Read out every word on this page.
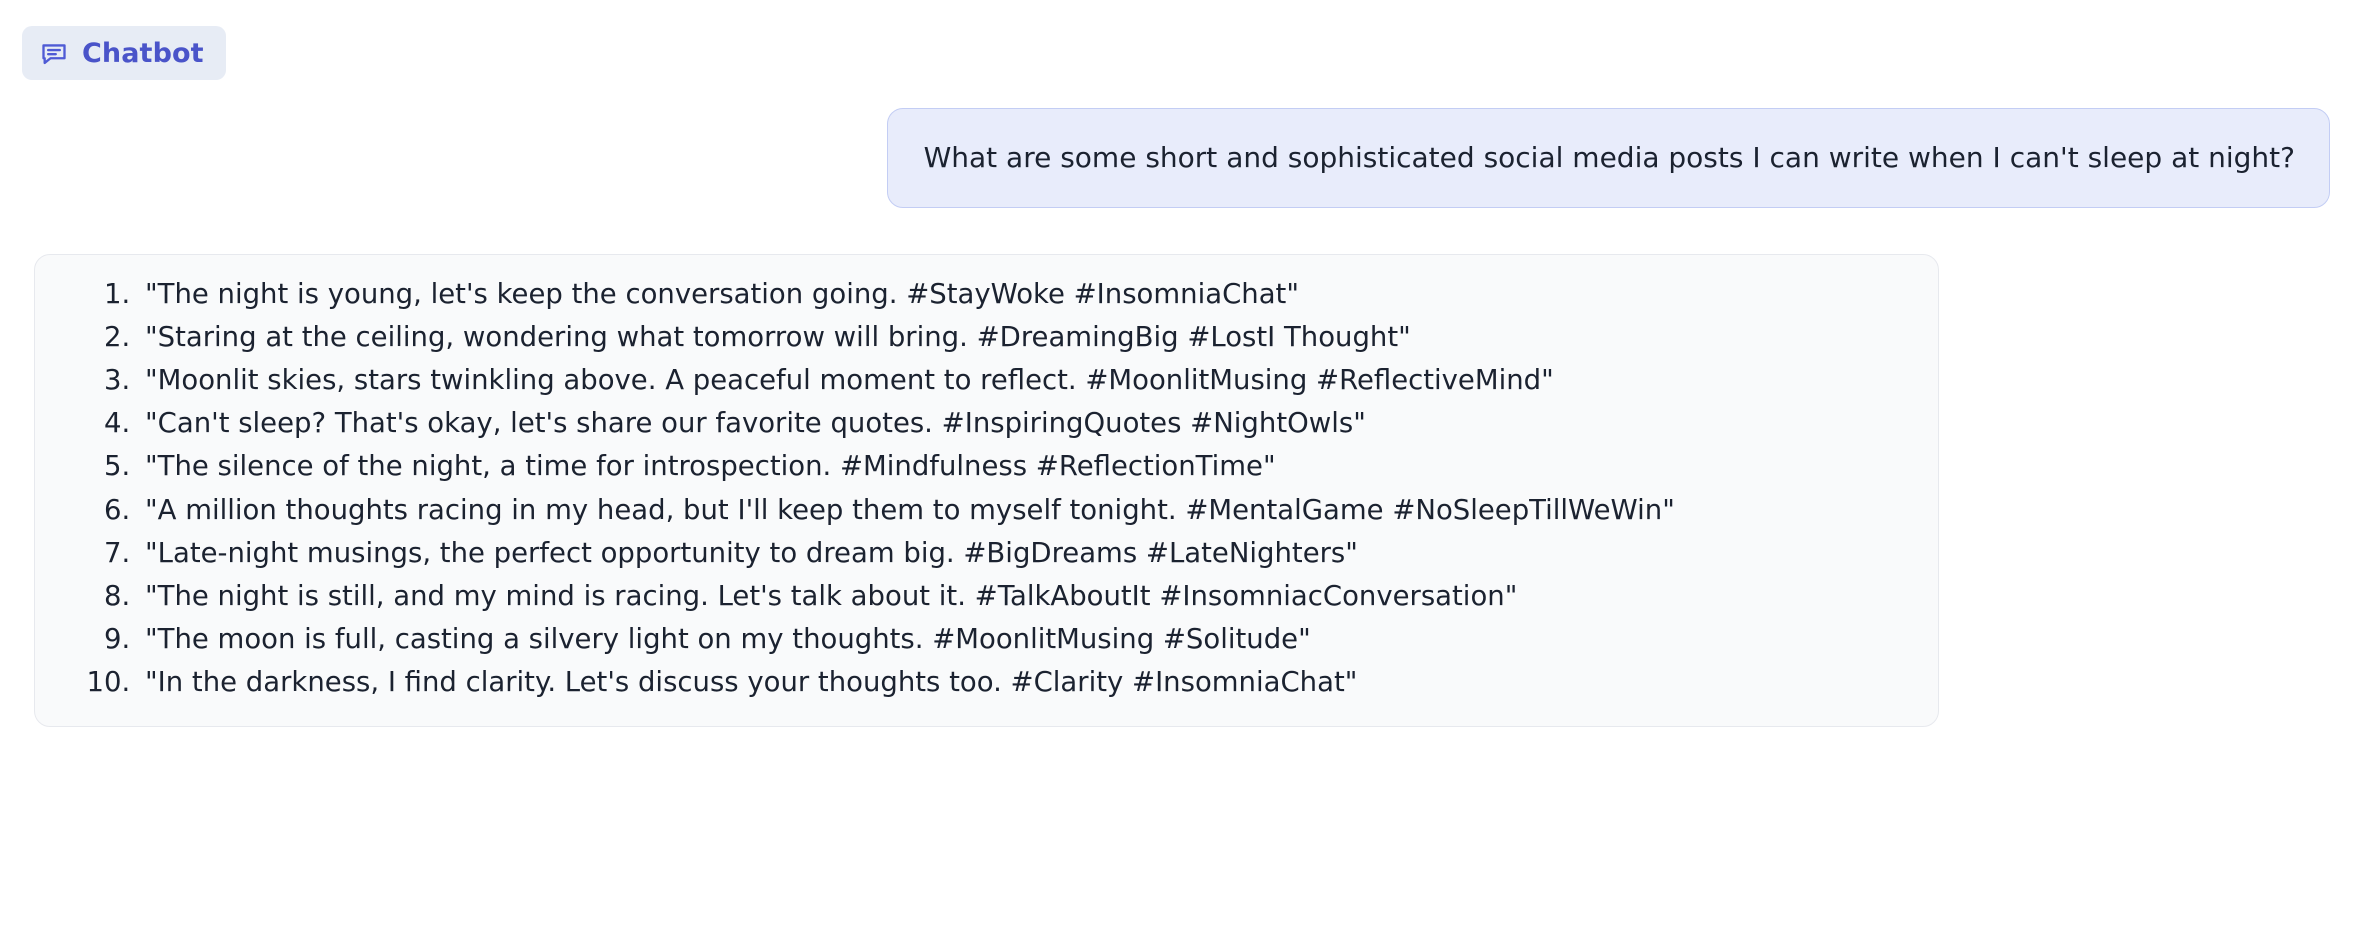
Chatbot
What are some short and sophisticated social media posts I can write when I can't sleep at night?
1. "The night is young, let's keep the conversation going. #StayWoke #InsomniaChat"
2. "Staring at the ceiling, wondering what tomorrow will bring. #DreamingBig #LostI Thought"
3. "Moonlit skies, stars twinkling above. A peaceful moment to reflect. #MoonlitMusing #ReflectiveMind"
4. "Can't sleep? That's okay, let's share our favorite quotes. #InspiringQuotes #NightOwls"
5. "The silence of the night, a time for introspection. #Mindfulness #ReflectionTime"
6. "A million thoughts racing in my head, but I'll keep them to myself tonight. #MentalGame #NoSleepTillWeWin"
7. "Late-night musings, the perfect opportunity to dream big. #BigDreams #LateNighters"
8. "The night is still, and my mind is racing. Let's talk about it. #TalkAboutIt #InsomniacConversation"
9. "The moon is full, casting a silvery light on my thoughts. #MoonlitMusing #Solitude"
10. "In the darkness, I find clarity. Let's discuss your thoughts too. #Clarity #InsomniaChat"
